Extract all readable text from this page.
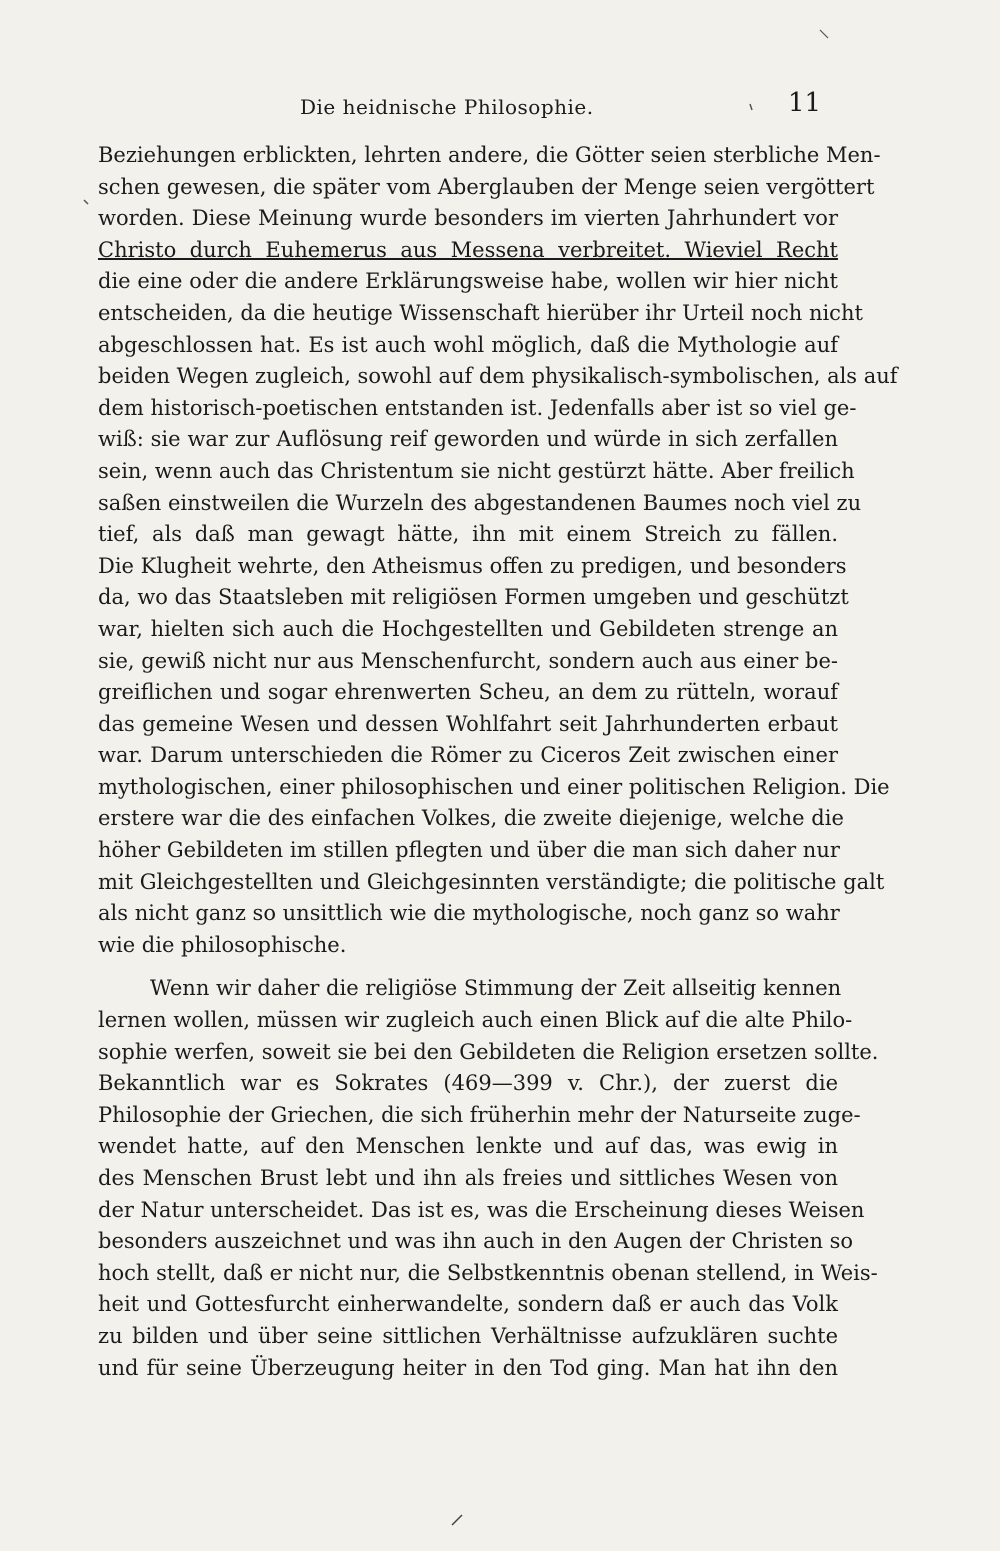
Die heidnische Philosophie.	11
Beziehungen erblickten, lehrten andere, die Götter seien sterbliche Men-
schen gewesen, die später vom Aberglauben der Menge seien vergöttert
worden. Diese Meinung wurde besonders im vierten Jahrhundert vor
Christo durch Euhemerus aus Messena verbreitet. Wieviel Recht
die eine oder die andere Erklärungsweise habe, wollen wir hier nicht
entscheiden, da die heutige Wissenschaft hierüber ihr Urteil noch nicht
abgeschlossen hat. Es ist auch wohl möglich, daß die Mythologie auf
beiden Wegen zugleich, sowohl auf dem physikalisch-symbolischen, als auf
dem historisch-poetischen entstanden ist. Jedenfalls aber ist so viel ge-
wiß: sie war zur Auflösung reif geworden und würde in sich zerfallen
sein, wenn auch das Christentum sie nicht gestürzt hätte. Aber freilich
saßen einstweilen die Wurzeln des abgestandenen Baumes noch viel zu
tief, als daß man gewagt hätte, ihn mit einem Streich zu fällen.
Die Klugheit wehrte, den Atheismus offen zu predigen, und besonders
da, wo das Staatsleben mit religiösen Formen umgeben und geschützt
war, hielten sich auch die Hochgestellten und Gebildeten strenge an
sie, gewiß nicht nur aus Menschenfurcht, sondern auch aus einer be-
greiflichen und sogar ehrenwerten Scheu, an dem zu rütteln, worauf
das gemeine Wesen und dessen Wohlfahrt seit Jahrhunderten erbaut
war. Darum unterschieden die Römer zu Ciceros Zeit zwischen einer
mythologischen, einer philosophischen und einer politischen Religion. Die
erstere war die des einfachen Volkes, die zweite diejenige, welche die
höher Gebildeten im stillen pflegten und über die man sich daher nur
mit Gleichgestellten und Gleichgesinnten verständigte; die politische galt
als nicht ganz so unsittlich wie die mythologische, noch ganz so wahr
wie die philosophische.
Wenn wir daher die religiöse Stimmung der Zeit allseitig kennen
lernen wollen, müssen wir zugleich auch einen Blick auf die alte Philo-
sophie werfen, soweit sie bei den Gebildeten die Religion ersetzen sollte.
Bekanntlich war es Sokrates (469—399 v. Chr.), der zuerst die
Philosophie der Griechen, die sich früherhin mehr der Naturseite zuge-
wendet hatte, auf den Menschen lenkte und auf das, was ewig in
des Menschen Brust lebt und ihn als freies und sittliches Wesen von
der Natur unterscheidet. Das ist es, was die Erscheinung dieses Weisen
besonders auszeichnet und was ihn auch in den Augen der Christen so
hoch stellt, daß er nicht nur, die Selbstkenntnis obenan stellend, in Weis-
heit und Gottesfurcht einherwandelte, sondern daß er auch das Volk
zu bilden und über seine sittlichen Verhältnisse aufzuklären suchte
und für seine Überzeugung heiter in den Tod ging. Man hat ihn den
